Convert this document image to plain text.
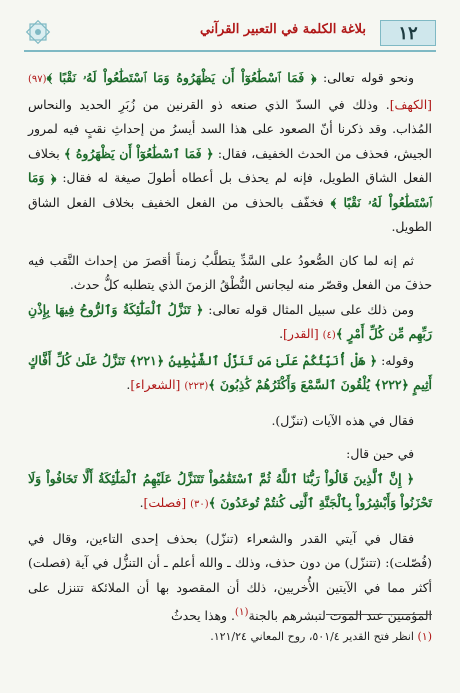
١٢
بلاغة الكلمة في التعبير القرآني

ونحو قوله تعالى: ﴿ فَمَا ٱسْطَٰعُوٓاْ أَن يَظْهَرُوهُ وَمَا ٱسْتَطَٰعُواْ لَهُۥ نَقْبًا ﴾(٩٧) [الكهف]. وذلك في السدّ الذي صنعه ذو القرنين من زُبَرِ الحديد والنحاس المُذاب. وقد ذكرنا أنّ الصعود على هذا السد أيسرُ من إحداثِ نقبٍ فيه لمرور الجيش، فحذف من الحدث الخفيف، فقال: ﴿ فَمَا ٱسْطَٰعُوٓاْ أَن يَظْهَرُوهُ ﴾ بخلاف الفعل الشاق الطويل، فإنه لم يحذف بل أعطاه أطولَ صيغة له فقال: ﴿ وَمَا ٱسْتَطَٰعُواْ لَهُۥ نَقْبًا ﴾ فخفّف بالحذف من الفعل الخفيف بخلاف الفعل الشاق الطويل.

ثم إنه لما كان الصُّعودُ على السَّدِّ يتطلَّبُ زمناً أقصرَ من إحداث النَّقب فيه حذفَ من الفعل وقصّر منه ليجانس النُّطْقُ الزمنَ الذي يتطلبه كلُّ حدث.

ومن ذلك على سبيل المثال قوله تعالى: ﴿ تَنَزَّلُ ٱلْمَلَٰٓئِكَةُ وَٱلرُّوحُ فِيهَا بِإِذْنِ رَبِّهِم مِّن كُلِّ أَمْرٍ ﴾(٤) [القدر].

وقوله: ﴿ هَلْ أُنَبِّئُكُمْ عَلَىٰ مَن تَنَزَّلُ ٱلشَّيَٰطِينُ ﴿٢٢١﴾ تَنَزَّلُ عَلَىٰ كُلِّ أَفَّاكٍ أَثِيمٍ ﴿٢٢٢﴾ يُلْقُونَ ٱلسَّمْعَ وَأَكْثَرُهُمْ كَٰذِبُونَ ﴾(٢٢٣) [الشعراء].

فقال في هذه الآيات (تنزّل).

في حين قال:

﴿ إِنَّ ٱلَّذِينَ قَالُواْ رَبُّنَا ٱللَّهُ ثُمَّ ٱسْتَقَٰمُواْ تَتَنَزَّلُ عَلَيْهِمُ ٱلْمَلَٰٓئِكَةُ أَلَّا تَخَافُواْ وَلَا تَحْزَنُواْ وَأَبْشِرُواْ بِٱلْجَنَّةِ ٱلَّتِى كُنتُمْ تُوعَدُونَ ﴾(٣٠) [فصلت].

فقال في آيتي القدر والشعراء (تنزّل) بحذف إحدى التاءين، وقال في (فُصّلت): (تتنزّل) من دون حذف، وذلك ـ والله أعلم ـ أن التنزُّل في آية (فصلت) أكثر مما في الآيتين الأُخريين، ذلك أن المقصود بها أن الملائكة تتنزل على المؤمنين عند الموت لتبشرهم بالجنة$^{(١)}$. وهذا يحدثُ

(١) انظر فتح القدير ٥٠١/٤، روح المعاني ١٢١/٢٤.
